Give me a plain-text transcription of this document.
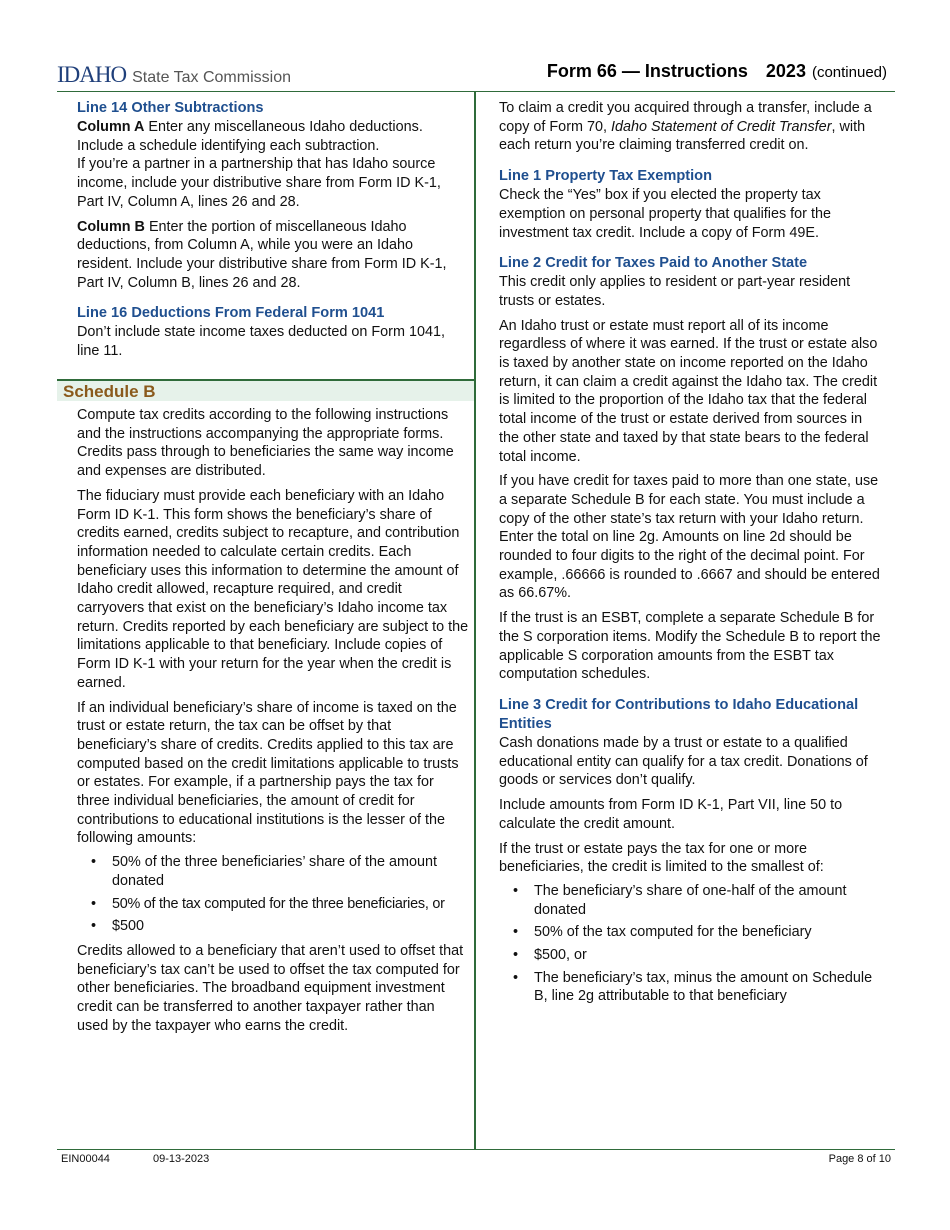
IDAHO State Tax Commission	Form 66 — Instructions 2023 (continued)
Line 14 Other Subtractions

Column A Enter any miscellaneous Idaho deductions. Include a schedule identifying each subtraction.

If you’re a partner in a partnership that has Idaho source income, include your distributive share from Form ID K-1, Part IV, Column A, lines 26 and 28.

Column B Enter the portion of miscellaneous Idaho deductions, from Column A, while you were an Idaho resident. Include your distributive share from Form ID K-1, Part IV, Column B, lines 26 and 28.

Line 16 Deductions From Federal Form 1041

Don’t include state income taxes deducted on Form 1041, line 11.

Schedule B

Compute tax credits according to the following instructions and the instructions accompanying the appropriate forms. Credits pass through to beneficiaries the same way income and expenses are distributed.

The fiduciary must provide each beneficiary with an Idaho Form ID K-1. This form shows the beneficiary’s share of credits earned, credits subject to recapture, and contribution information needed to calculate certain credits. Each beneficiary uses this information to determine the amount of Idaho credit allowed, recapture required, and credit carryovers that exist on the beneficiary’s Idaho income tax return. Credits reported by each beneficiary are subject to the limitations applicable to that beneficiary. Include copies of Form ID K-1 with your return for the year when the credit is earned.

If an individual beneficiary’s share of income is taxed on the trust or estate return, the tax can be offset by that beneficiary’s share of credits. Credits applied to this tax are computed based on the credit limitations applicable to trusts or estates. For example, if a partnership pays the tax for three individual beneficiaries, the amount of credit for contributions to educational institutions is the lesser of the following amounts:

• 50% of the three beneficiaries’ share of the amount donated
• 50% of the tax computed for the three beneficiaries, or
• $500

Credits allowed to a beneficiary that aren’t used to offset that beneficiary’s tax can’t be used to offset the tax computed for other beneficiaries. The broadband equipment investment credit can be transferred to another taxpayer rather than used by the taxpayer who earns the credit.

To claim a credit you acquired through a transfer, include a copy of Form 70, Idaho Statement of Credit Transfer, with each return you’re claiming transferred credit on.

Line 1 Property Tax Exemption

Check the “Yes” box if you elected the property tax exemption on personal property that qualifies for the investment tax credit. Include a copy of Form 49E.

Line 2 Credit for Taxes Paid to Another State

This credit only applies to resident or part-year resident trusts or estates.

An Idaho trust or estate must report all of its income regardless of where it was earned. If the trust or estate also is taxed by another state on income reported on the Idaho return, it can claim a credit against the Idaho tax. The credit is limited to the proportion of the Idaho tax that the federal total income of the trust or estate derived from sources in the other state and taxed by that state bears to the federal total income.

If you have credit for taxes paid to more than one state, use a separate Schedule B for each state. You must include a copy of the other state’s tax return with your Idaho return. Enter the total on line 2g. Amounts on line 2d should be rounded to four digits to the right of the decimal point. For example, .66666 is rounded to .6667 and should be entered as 66.67%.

If the trust is an ESBT, complete a separate Schedule B for the S corporation items. Modify the Schedule B to report the applicable S corporation amounts from the ESBT tax computation schedules.

Line 3 Credit for Contributions to Idaho Educational Entities

Cash donations made by a trust or estate to a qualified educational entity can qualify for a tax credit. Donations of goods or services don’t qualify.

Include amounts from Form ID K-1, Part VII, line 50 to calculate the credit amount.

If the trust or estate pays the tax for one or more beneficiaries, the credit is limited to the smallest of:

• The beneficiary’s share of one-half of the amount donated
• 50% of the tax computed for the beneficiary
• $500, or
• The beneficiary’s tax, minus the amount on Schedule B, line 2g attributable to that beneficiary
EIN00044	09-13-2023	Page 8 of 10
